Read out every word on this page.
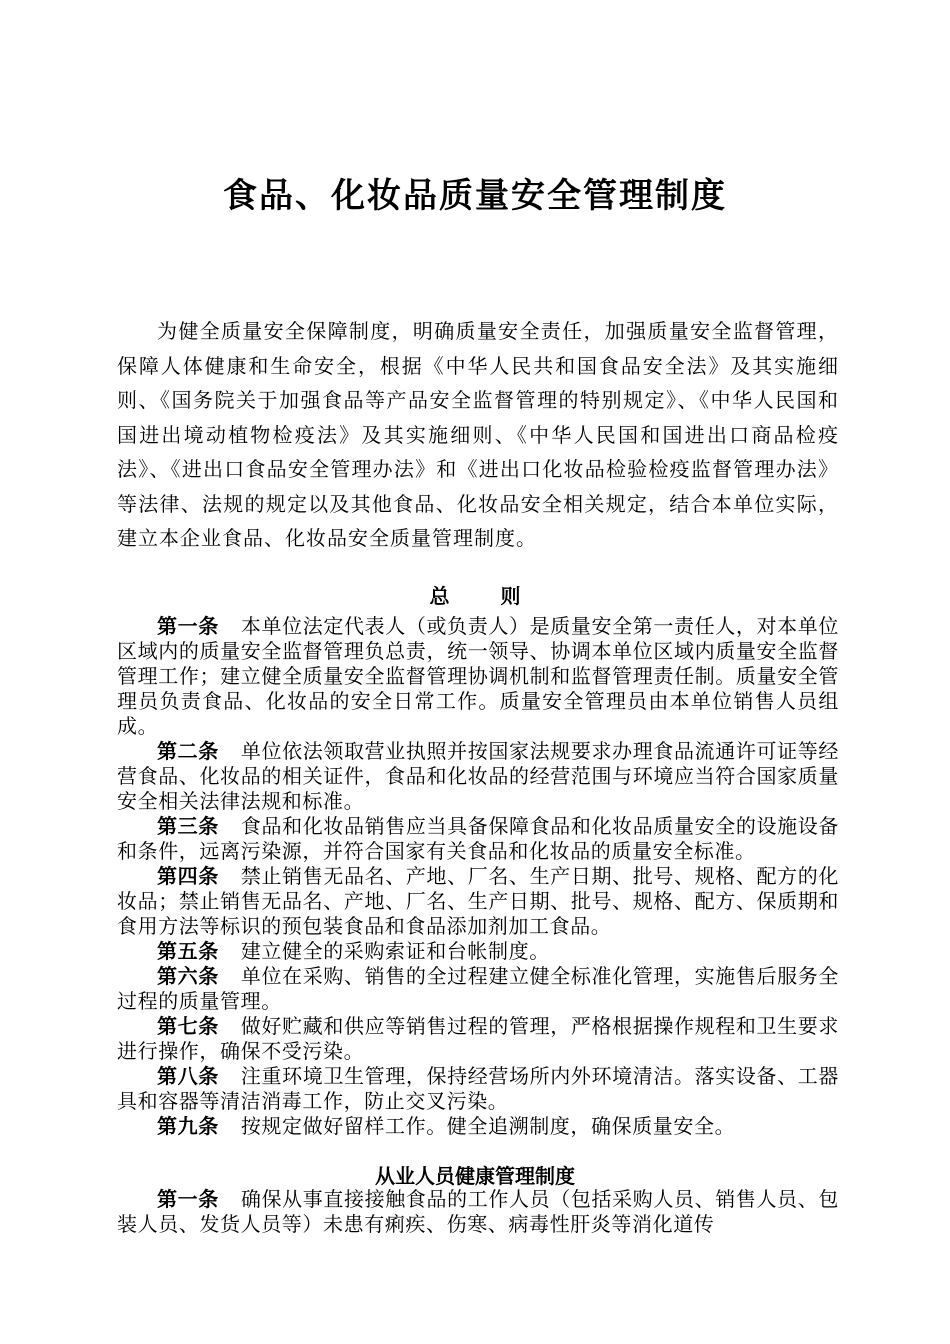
食品、化妆品质量安全管理制度

为健全质量安全保障制度，明确质量安全责任，加强质量安全监督管理，保障人体健康和生命安全，根据《中华人民共和国食品安全法》及其实施细则、《国务院关于加强食品等产品安全监督管理的特别规定》、《中华人民国和国进出境动植物检疫法》及其实施细则、《中华人民国和国进出口商品检疫法》、《进出口食品安全管理办法》和《进出口化妆品检验检疫监督管理办法》等法律、法规的规定以及其他食品、化妆品安全相关规定，结合本单位实际，建立本企业食品、化妆品安全质量管理制度。

总 则

第一条 本单位法定代表人（或负责人）是质量安全第一责任人，对本单位区域内的质量安全监督管理负总责，统一领导、协调本单位区域内质量安全监督管理工作；建立健全质量安全监督管理协调机制和监督管理责任制。质量安全管理员负责食品、化妆品的安全日常工作。质量安全管理员由本单位销售人员组成。

第二条 单位依法领取营业执照并按国家法规要求办理食品流通许可证等经营食品、化妆品的相关证件，食品和化妆品的经营范围与环境应当符合国家质量安全相关法律法规和标准。

第三条 食品和化妆品销售应当具备保障食品和化妆品质量安全的设施设备和条件，远离污染源，并符合国家有关食品和化妆品的质量安全标准。

第四条 禁止销售无品名、产地、厂名、生产日期、批号、规格、配方的化妆品；禁止销售无品名、产地、厂名、生产日期、批号、规格、配方、保质期和食用方法等标识的预包装食品和食品添加剂加工食品。

第五条 建立健全的采购索证和台帐制度。

第六条 单位在采购、销售的全过程建立健全标准化管理，实施售后服务全过程的质量管理。

第七条 做好贮藏和供应等销售过程的管理，严格根据操作规程和卫生要求进行操作，确保不受污染。

第八条 注重环境卫生管理，保持经营场所内外环境清洁。落实设备、工器具和容器等清洁消毒工作，防止交叉污染。

第九条 按规定做好留样工作。健全追溯制度，确保质量安全。

从业人员健康管理制度

第一条 确保从事直接接触食品的工作人员（包括采购人员、销售人员、包装人员、发货人员等）未患有痢疾、伤寒、病毒性肝炎等消化道传
